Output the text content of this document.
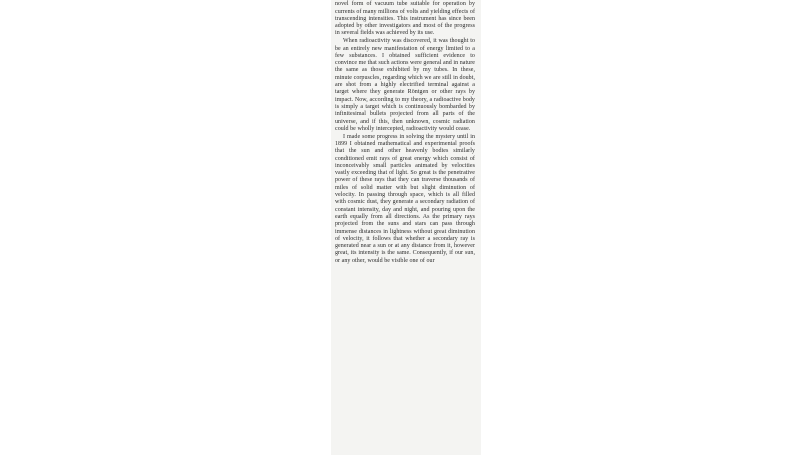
novel form of vacuum tube suitable for operation by currents of many millions of volts and yielding effects of transcending intensities. This instrument has since been adopted by other investigators and most of the progress in several fields was achieved by its use.

When radioactivity was discovered, it was thought to be an entirely new manifestation of energy limited to a few substances. I obtained sufficient evidence to convince me that such actions were general and in nature the same as those exhibited by my tubes. In these, minute corpuscles, regarding which we are still in doubt, are shot from a highly electrified terminal against a target where they generate Röntgen or other rays by impact. Now, according to my theory, a radioactive body is simply a target which is continuously bombarded by infinitesimal bullets projected from all parts of the universe, and if this, then unknown, cosmic radiation could be wholly intercepted, radioactivity would cease.

I made some progress in solving the mystery until in 1899 I obtained mathematical and experimental proofs that the sun and other heavenly bodies similarly conditioned emit rays of great energy which consist of inconceivably small particles animated by velocities vastly exceeding that of light. So great is the penetrative power of these rays that they can traverse thousands of miles of solid matter with but slight diminution of velocity. In passing through space, which is all filled with cosmic dust, they generate a secondary radiation of constant intensity, day and night, and pouring upon the earth equally from all directions. As the primary rays projected from the suns and stars can pass through immense distances in lightness without great diminution of velocity, it follows that whether a secondary ray is generated near a sun or at any distance from it, however great, its intensity is the same. Consequently, if our sun, or any other, would be visible one of our
